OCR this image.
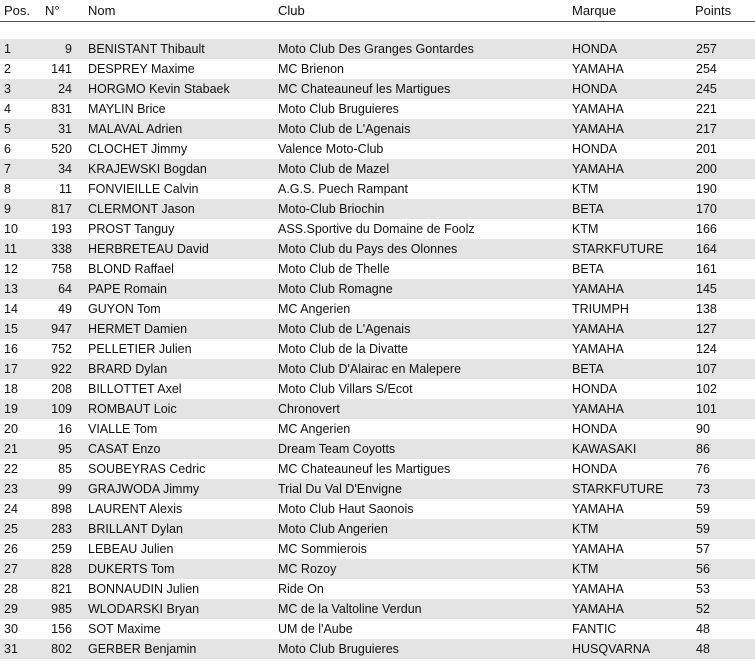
Pos. N° Nom	Club	Marque	Points
1	9 BENISTANT Thibault	Moto Club Des Granges Gontardes	HONDA	257
2	141 DESPREY Maxime	MC Brienon	YAMAHA	254
3	24 HORGMO Kevin Stabaek	MC Chateauneuf les Martigues	HONDA	245
4	831 MAYLIN Brice	Moto Club Bruguieres	YAMAHA	221
5	31 MALAVAL Adrien	Moto Club de L'Agenais	YAMAHA	217
6	520 CLOCHET Jimmy	Valence Moto-Club	HONDA	201
7	34 KRAJEWSKI Bogdan	Moto Club de Mazel	YAMAHA	200
8	11 FONVIEILLE Calvin	A.G.S. Puech Rampant	KTM	190
9	817 CLERMONT Jason	Moto-Club Briochin	BETA	170
10	193 PROST Tanguy	ASS.Sportive du Domaine de Foolz	KTM	166
11	338 HERBRETEAU David	Moto Club du Pays des Olonnes	STARKFUTURE	164
12	758 BLOND Raffael	Moto Club de Thelle	BETA	161
13	64 PAPE Romain	Moto Club Romagne	YAMAHA	145
14	49 GUYON Tom	MC Angerien	TRIUMPH	138
15	947 HERMET Damien	Moto Club de L'Agenais	YAMAHA	127
16	752 PELLETIER Julien	Moto Club de la Divatte	YAMAHA	124
17	922 BRARD Dylan	Moto Club D'Alairac en Malepere	BETA	107
18	208 BILLOTTET Axel	Moto Club Villars S/Ecot	HONDA	102
19	109 ROMBAUT Loic	Chronovert	YAMAHA	101
20	16 VIALLE Tom	MC Angerien	HONDA	90
21	95 CASAT Enzo	Dream Team Coyotts	KAWASAKI	86
22	85 SOUBEYRAS Cedric	MC Chateauneuf les Martigues	HONDA	76
23	99 GRAJWODA Jimmy	Trial Du Val D'Envigne	STARKFUTURE	73
24	898 LAURENT Alexis	Moto Club Haut Saonois	YAMAHA	59
25	283 BRILLANT Dylan	Moto Club Angerien	KTM	59
26	259 LEBEAU Julien	MC Sommierois	YAMAHA	57
27	828 DUKERTS Tom	MC Rozoy	KTM	56
28	821 BONNAUDIN Julien	Ride On	YAMAHA	53
29	985 WLODARSKI Bryan	MC de la Valtoline Verdun	YAMAHA	52
30	156 SOT Maxime	UM de l'Aube	FANTIC	48
31	802 GERBER Benjamin	Moto Club Bruguieres	HUSQVARNA	48
